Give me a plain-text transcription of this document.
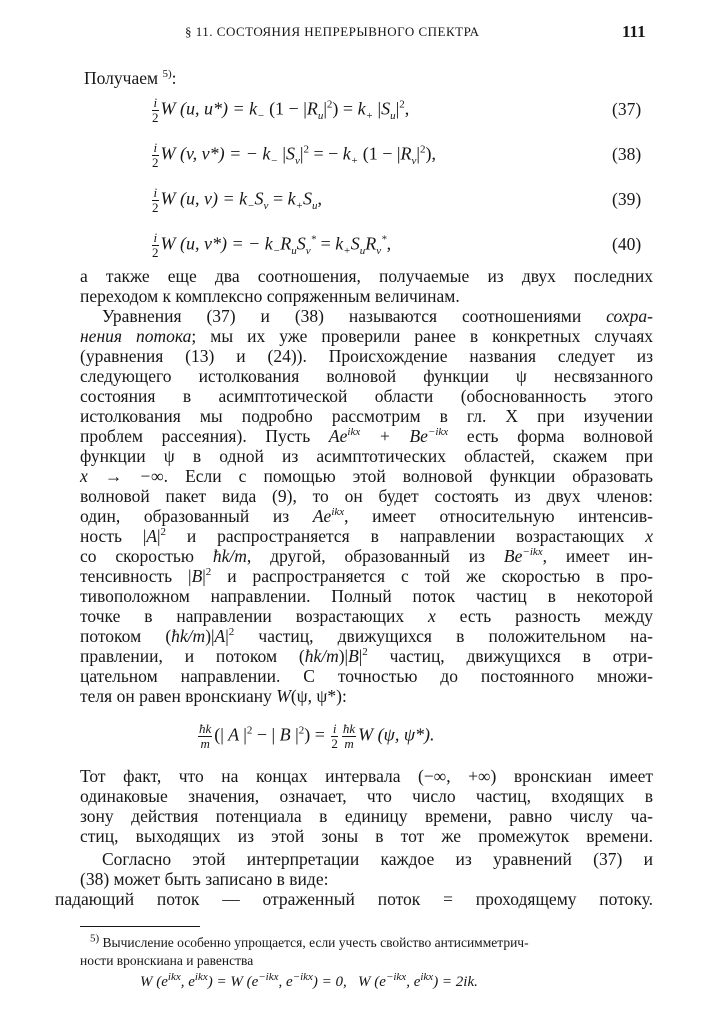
§ 11. СОСТОЯНИЯ НЕПРЕРЫВНОГО СПЕКТРА	111
Получаем $^{5)}$:
$\frac{i}{2}$ W (u, $u*) = k_-$ $(1 - |R_u|^2) = k_+$ $|S_u|^2$,	(37)
$\frac{i}{2}$ W (v, v*) = − $k_-$ $|S_v|^2$ = − $k_+$ $(1 - |R_v|^2)$,	(38)
$\frac{i}{2}$ W (u, $v) = k_-S_v = k_+S_u$,	(39)
$\frac{i}{2}$ W (u, v*) = − $k_-R_uS_v^* = k_+S_uR_v^*$,	(40)
а также еще два соотношения, получаемые из двух последних
переходом к комплексно сопряженным величинам.
Уравнения (37) и (38) называются соотношениями сохра-
нения потока; мы их уже проверили ранее в конкретных случаях
(уравнения (13) и (24)). Происхождение названия следует из
следующего истолкования волновой функции ψ несвязанного
состояния в асимптотической области (обоснованность этого
истолкования мы подробно рассмотрим в гл. X при изучении
проблем рассеяния). Пусть $Ae^{ikx} + Be^{-ikx}$ есть форма волновой
функции ψ в одной из асимптотических областей, скажем при
x → −∞. Если с помощью этой волновой функции образовать
волновой пакет вида (9), то он будет состоять из двух членов:
один, образованный из $Ae^{ikx}$, имеет относительную интенсив-
ность $|A|^2$ и распространяется в направлении возрастающих x
со скоростью ħk/m, другой, образованный из $Be^{-ikx}$, имеет ин-
тенсивность $|B|^2$ и распространяется с той же скоростью в про-
тивоположном направлении. Полный поток частиц в некоторой
точке в направлении возрастающих x есть разность между
потоком $(ħk/m)|A|^2$ частиц, движущихся в положительном на-
правлении, и потоком $(ħk/m)|B|^2$ частиц, движущихся в отри-
цательном направлении. С точностью до постоянного множи-
теля он равен вронскиану W(ψ, ψ*):
$\frac{ħk}{m}$ (| A $|^2$ − | B $|^2) = \frac{i}{2} \frac{ħk}{m}$ W (ψ, ψ*).
Тот факт, что на концах интервала (−∞, +∞) вронскиан имеет
одинаковые значения, означает, что число частиц, входящих в
зону действия потенциала в единицу времени, равно числу ча-
стиц, выходящих из этой зоны в тот же промежуток времени.
Согласно этой интерпретации каждое из уравнений (37) и
(38) может быть записано в виде:
падающий поток — отраженный поток = проходящему потоку.
$^{5)}$ Вычисление особенно упрощается, если учесть свойство антисимметрич-
ности вронскиана и равенства
W ($e^{ikx}$, $e^{ikx}) = W$ ($e^{-ikx}$, $e^{-ikx}) = 0$,   W ($e^{-ikx}$, $e^{ikx}) = 2ik$.
